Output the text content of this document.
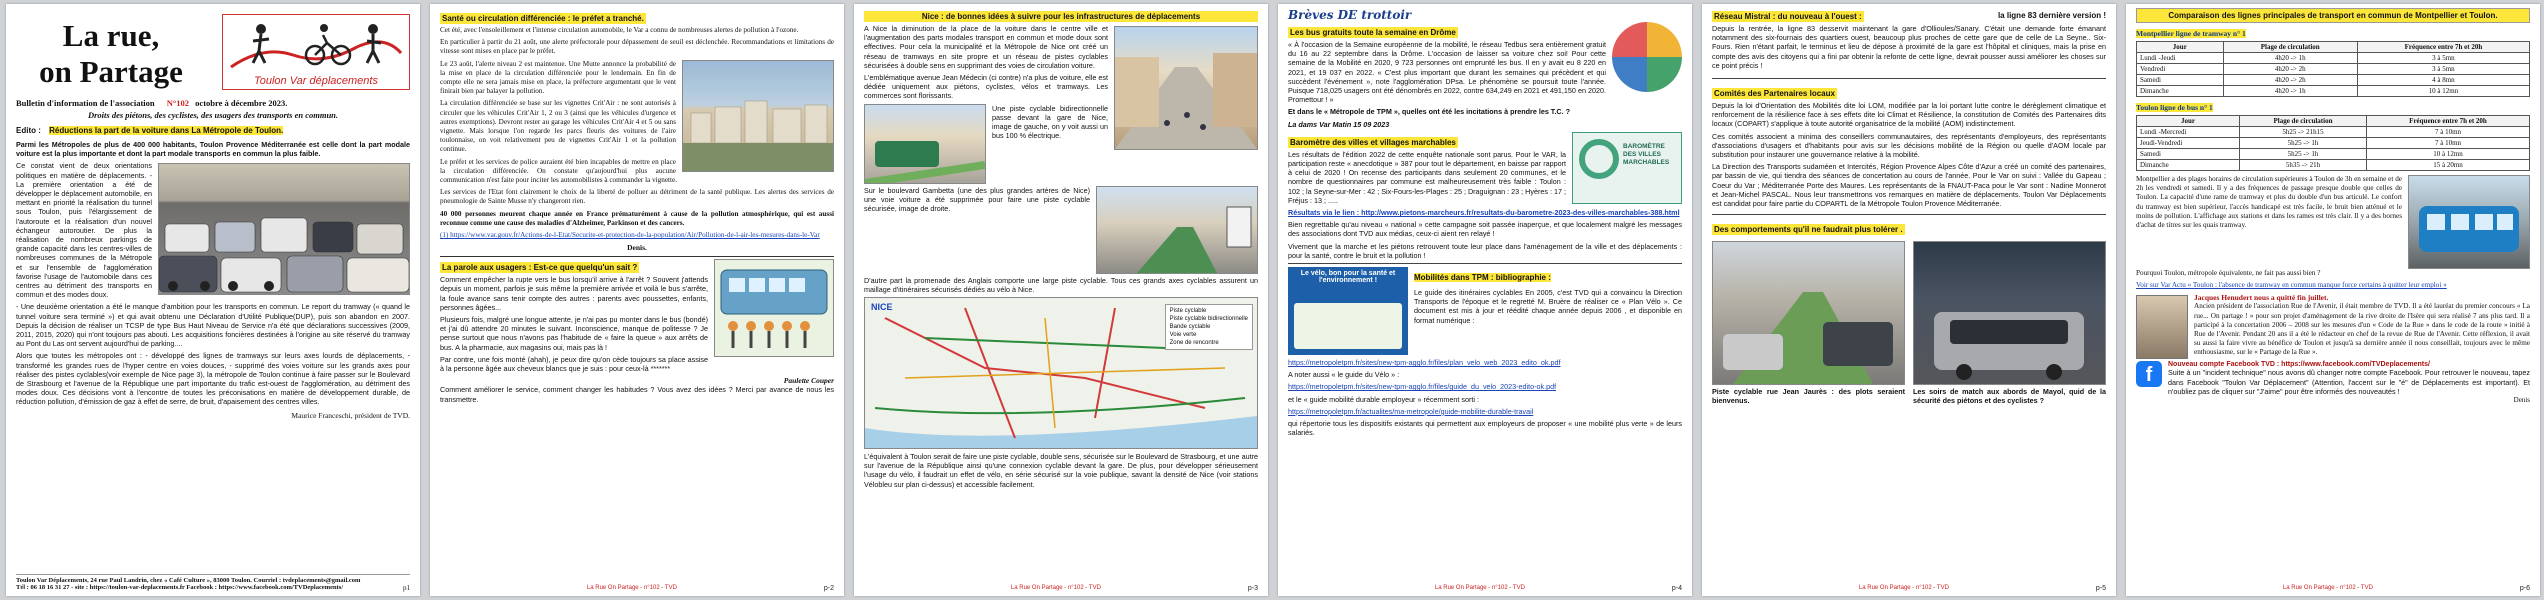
La rue,
on Partage	Toulon Var déplacements
Bulletin d'information de l'association N°102 octobre à décembre 2023.
Droits des piétons, des cyclistes, des usagers des transports en commun.
Edito : Réductions la part de la voiture dans La Métropole de Toulon.

Parmi les Métropoles de plus de 400 000 habitants, Toulon Provence Méditerranée est celle dont la part modale voiture est la plus importante et dont la part modale transports en commun la plus faible.

Ce constat vient de deux orientations politiques en matière de déplacements. - La première orientation a été de développer le déplacement automobile, en mettant en priorité la réalisation du tunnel sous Toulon, puis l'élargissement de l'autoroute et la réalisation d'un nouvel échangeur autoroutier. De plus la réalisation de nombreux parkings de grande capacité dans les centres-villes de nombreuses communes de la Métropole et sur l'ensemble de l'agglomération favorise l'usage de l'automobile dans ces centres au détriment des transports en commun et des modes doux.

- Une deuxième orientation a été le manque d'ambition pour les transports en commun. Le report du tramway (« quand le tunnel voiture sera terminé ») et qui avait obtenu une Déclaration d'Utilité Publique(DUP), puis son abandon en 2007. Depuis la décision de réaliser un TCSP de type Bus Haut Niveau de Service n'a été que déclarations successives (2009, 2011, 2015, 2020) qui n'ont toujours pas abouti. Les acquisitions foncières destinées à l'origine au site réservé du tramway au Pont du Las ont servent aujourd'hui de parking....

Alors que toutes les métropoles ont : - développé des lignes de tramways sur leurs axes lourds de déplacements, - transformé les grandes rues de l'hyper centre en voies douces, - supprimé des voies voiture sur les grands axes pour réaliser des pistes cyclables(voir exemple de Nice page 3), la métropole de Toulon continue à faire passer sur le Boulevard de Strasbourg et l'avenue de la République une part importante du trafic est-ouest de l'agglomération, au détriment des modes doux. Ces décisions vont à l'encontre de toutes les préconisations en matière de développement durable, de réduction pollution, d'émission de gaz à effet de serre, de bruit, d'apaisement des centres villes.

Maurice Franceschi, président de TVD.
Toulon Var Déplacements, 24 rue Paul Landrin, chez « Café Culture », 83000 Toulon. Courriel : tvdeplacements@gmail.com
Tél : 06 18 16 31 27 - site : https://toulon-var-deplacements.fr Facebook : https://www.facebook.com/TVDeplacements/	p1
Santé ou circulation différenciée : le préfet a tranché.

Cet été, avec l'ensoleillement et l'intense circulation automobile, le Var a connu de nombreuses alertes de pollution à l'ozone.

En particulier à partir du 21 août, une alerte préfectorale pour dépassement de seuil est déclenchée. Recommandations et limitations de vitesse sont mises en place par le préfet.

Le 23 août, l'alerte niveau 2 est maintenue. Une Mutte annonce la probabilité de la mise en place de la circulation différenciée pour le lendemain. En fin de compte elle ne sera jamais mise en place, la préfecture argumentant que le vent finirait bien par balayer la pollution.

La circulation différenciée se base sur les vignettes Crit'Air : ne sont autorisés à circuler que les véhicules Crit'Air 1, 2 ou 3 (ainsi que les véhicules d'urgence et autres exemptions). Devront rester au garage les véhicules Crit'Air 4 et 5 ou sans vignette. Mais lorsque l'on regarde les parcs fleuris des voitures de l'aire toulonnaise, on voit relativement peu de vignettes Crit'Air 1 et la pollution continue.

Le préfet et les services de police auraient été bien incapables de mettre en place la circulation différenciée. On constate qu'aujourd'hui plus aucune communication n'est faite pour inciter les automobilistes à commander la vignette.

Les services de l'Etat font clairement le choix de la liberté de polluer au détriment de la santé publique. Les alertes des services de pneumologie de Sainte Musse n'y changeront rien.

40 000 personnes meurent chaque année en France prématurément à cause de la pollution atmosphérique, qui est aussi reconnue comme une cause des maladies d'Alzheimer, Parkinson et des cancers.

(1) https://www.var.gouv.fr/Actions-de-l-Etat/Securite-et-protection-de-la-population/Air/Pollution-de-l-air-les-mesures-dans-le-Var

Denis.
La parole aux usagers : Est-ce que quelqu'un sait ?

Comment empêcher la rupte vers le bus lorsqu'il arrive à l'arrêt ? Souvent j'attends depuis un moment, parfois je suis même la première arrivée et voilà le bus s'arrête, la foule avance sans tenir compte des autres : parents avec poussettes, enfants, personnes âgées...

Plusieurs fois, malgré une longue attente, je n'ai pas pu monter dans le bus (bondé) et j'ai dû attendre 20 minutes le suivant. Inconscience, manque de politesse ? Je pense surtout que nous n'avons pas l'habitude de « faire la queue » aux arrêts de bus. A la pharmacie, aux magasins oui, mais pas là !

Par contre, une fois monté (ahah), je peux dire qu'on cède toujours sa place assise à la personne âgée aux cheveux blancs que je suis : pour ceux-là *******

Paulette Couper

Comment améliorer le service, comment changer les habitudes ? Vous avez des idées ? Merci par avance de nous les transmettre.

La Rue On Partage - n°102 - TVD	p-2
Nice : de bonnes idées à suivre pour les infrastructures de déplacements

A Nice la diminution de la place de la voiture dans le centre ville et l'augmentation des parts modales transport en commun et mode doux sont effectives. Pour cela la municipalité et la Métropole de Nice ont créé un réseau de tramways en site propre et un réseau de pistes cyclables sécurisées à double sens en supprimant des voies de circulation voiture.

L'emblématique avenue Jean Médecin (ci contre) n'a plus de voiture, elle est dédiée uniquement aux piétons, cyclistes, vélos et tramways. Les commerces sont florissants.

Une piste cyclable bidirectionnelle passe devant la gare de Nice, image de gauche, on y voit aussi un bus 100 % électrique.

Sur le boulevard Gambetta (une des plus grandes artères de Nice) une voie voiture a été supprimée pour faire une piste cyclable sécurisée, image de droite.

D'autre part la promenade des Anglais comporte une large piste cyclable. Tous ces grands axes cyclables assurent un maillage d'itinéraires sécurisés dédiés au vélo à Nice.

NICE	Piste cyclable
Piste cyclable bidirectionnelle
Bande cyclable
Voie verte
Zone de rencontre

L'équivalent à Toulon serait de faire une piste cyclable, double sens, sécurisée sur le Boulevard de Strasbourg, et une autre sur l'avenue de la République ainsi qu'une connexion cyclable devant la gare. De plus, pour développer sérieusement l'usage du vélo, il faudrait un effet de vélo, en série sécurisé sur la voie publique, savant la densité de Nice (voir stations Vélobleu sur plan ci-dessus) et accessible facilement.

La Rue On Partage - n°102 - TVD	p-3
Brèves DE trottoir
Les bus gratuits toute la semaine en Drôme

« À l'occasion de la Semaine européenne de la mobilité, le réseau Tedbus sera entièrement gratuit du 16 au 22 septembre dans la Drôme. L'occasion de laisser sa voiture chez soi! Pour cette semaine de la Mobilité en 2020, 9 723 personnes ont emprunté les bus. Il en y avait eu 8 220 en 2021, et 19 037 en 2022. « C'est plus important que durant les semaines qui précèdent et qui succèdent l'événement », note l'agglomération DPsa. Le phénomène se poursuit toute l'année. Puisque 718,025 usagers ont été dénombrés en 2022, contre 634,249 en 2021 et 491,150 en 2020. Promettour ! »

Et dans le « Métropole de TPM », quelles ont été les incitations à prendre les T.C. ?

La dams Var Matin 15 09 2023

Baromètre des villes et villages marchables	BAROMÈTRE DES VILLES MARCHABLES

Les résultats de l'édition 2022 de cette enquête nationale sont parus. Pour le VAR, la participation reste « anecdotique » 387 pour tout le département, en baisse par rapport à celui de 2020 ! On recense des participants dans seulement 20 communes, et le nombre de questionnaires par commune est malheureusement très faible : Toulon : 102 ; la Seyne-sur-Mer : 42 ; Six-Fours-les-Plages : 25 ; Draguignan : 23 ; Hyères : 17 ; Fréjus : 13 ; .....

Résultats via le lien : http://www.pietons-marcheurs.fr/resultats-du-barometre-2023-des-villes-marchables-388.html

Bien regrettable qu'au niveau « national » cette campagne soit passée inaperçue, et que localement malgré les messages des associations dont TVD aux médias, ceux-ci aient ren relayé !

Vivement que la marche et les piétons retrouvent toute leur place dans l'aménagement de la ville et des déplacements : pour la santé, contre le bruit et la pollution !

Le vélo, bon pour la santé et l'environnement !	Mobilités dans TPM : bibliographie :

Le guide des itinéraires cyclables En 2005, c'est TVD qui a convaincu la Direction Transports de l'époque et le regretté M. Bruère de réaliser ce « Plan Vélo ». Ce document est mis à jour et réédité chaque année depuis 2006 , et disponible en format numérique :

https://metropoletpm.fr/sites/new-tpm-agglo.fr/files/plan_velo_web_2023_edito_ok.pdf

A noter aussi « le guide du Vélo » :

https://metropoletpm.fr/sites/new-tpm-agglo.fr/files/guide_du_velo_2023-edito-ok.pdf

et le « guide mobilité durable employeur » récemment sorti :

https://metropoletpm.fr/actualites/ma-metropole/guide-mobilite-durable-travail

qui répertorie tous les dispositifs existants qui permettent aux employeurs de proposer « une mobilité plus verte » de leurs salariés.

La Rue On Partage - n°102 - TVD	p-4
Réseau Mistral : du nouveau à l'ouest :	la ligne 83 dernière version !

Depuis la rentrée, la ligne 83 desservit maintenant la gare d'Ollioules/Sanary. C'était une demande forte émanant notamment des six-fournais des quartiers ouest, beaucoup plus proches de cette gare que de celle de La Seyne.. Six-Fours. Rien n'étant parfait, le terminus et lieu de dépose à proximité de la gare est l'hôpital et cliniques, mais la prise en compte des avis des citoyens qui a fini par obtenir la refonte de cette ligne, devrait pousser aussi améliorer les choses sur ce point précis !

Comités des Partenaires locaux

Depuis la loi d'Orientation des Mobilités dite loi LOM, modifiée par la loi portant lutte contre le dérèglement climatique et renforcement de la résilience face à ses effets dite loi Climat et Résilience, la constitution de Comités des Partenaires dits locaux (COPART) s'applique à toute autorité organisatrice de la mobilité (AOM) indistinctement.

Ces comités associent a minima des conseillers communautaires, des représentants d'employeurs, des représentants d'associations d'usagers et d'habitants pour avis sur les décisions mobilité de la Région ou quelle d'AOM locale par substitution pour instaurer une gouvernance relative à la mobilité.

La Direction des Transports sudaméen et Intercités, Région Provence Alpes Côte d'Azur a créé un comité des partenaires, par bassin de vie, qui tiendra des séances de concertation au cours de l'année. Pour le Var on suivi : Vallée du Gapeau ; Coeur du Var ; Méditerranée Porte des Maures. Les représentants de la FNAUT-Paca pour le Var sont : Nadine Monnerot et Jean-Michel PASCAL. Nous leur transmettrons vos remarques en matière de déplacements. Toulon Var Déplacements est candidat pour faire partie du COPARTL de la Métropole Toulon Provence Méditerranée.

Des comportements qu'il ne faudrait plus tolérer .
Piste cyclable rue Jean Jaurès : des plots seraient bienvenus.
Les soirs de match aux abords de Mayol, quid de la sécurité des piétons et des cyclistes ?
La Rue On Partage - n°102 - TVD	p-5
Comparaison des lignes principales de transport en commun de Montpellier et Toulon.
Montpellier ligne de tramway n° 1
Jour	Plage de circulation	Fréquence entre 7h et 20h
Lundi -Jeudi	4h20 -> 1h	3 à 5mn
Vendredi	4h20 -> 2h	3 à 5mn
Samedi	4h20 -> 2h	4 à 8mn
Dimanche	4h20 -> 1h	10 à 12mn
Toulon ligne de bus n° 1
Jour	Plage de circulation	Fréquence entre 7h et 20h
Lundi -Mercredi	5h25 -> 21h15	7 à 10mn
Jeudi-Vendredi	5h25 -> 1h	7 à 10mn
Samedi	5h25 -> 1h	10 à 12mn
Dimanche	5h35 -> 21h	15 à 20mn

Montpellier a des plages horaires de circulation supérieures à Toulon de 3h en semaine et de 2h les vendredi et samedi. Il y a des fréquences de passage presque double que celles de Toulon. La capacité d'une rame de tramway et plus du double d'un bus articulé. Le confort du tramway est bien supérieur, l'accès handicapé est très facile, le bruit bien atténué et le moins de pollution. L'affichage aux stations et dans les rames est très clair. Il y a des bornes d'achat de titres sur les quais tramway.

Pourquoi Toulon, métropole équivalente, ne fait pas aussi bien ?

Voir sur Var Actu « Toulon : l'absence de tramway en commun manque force certains à quitter leur emploi »

Jacques Henudert nous a quitté fin juillet.

Ancien président de l'association Rue de l'Avenir, il était membre de TVD. Il a été lauréat du premier concours « La rue... On partage ! » pour son projet d'aménagement de la rive droite de l'Isère qui sera réalisé 7 ans plus tard. Il a participé à la concertation 2006 – 2008 sur les mesures d'un « Code de la Rue » dans le code de la route » initié à Rue de l'Avenir. Pendant 20 ans il a été le rédacteur en chef de la revue de Rue de l'Avenir. Cette réflexion, il avait su aussi la faire vivre au bénéfice de Toulon et jusqu'à sa dernière année il nous conseillait, toujours avec le même enthousiasme, sur le « Partage de la Rue ».

f	Nouveau compte Facebook TVD : https://www.facebook.com/TVDeplacements/

Suite à un "incident technique" nous avons dû changer notre compte Facebook. Pour retrouver le nouveau, tapez dans Facebook "Toulon Var Déplacement" (Attention, l'accent sur le "é" de Déplacements est important). Et n'oubliez pas de cliquer sur "J'aime" pour être informés des nouveautés !

Denis
La Rue On Partage - n°102 - TVD	p-6
